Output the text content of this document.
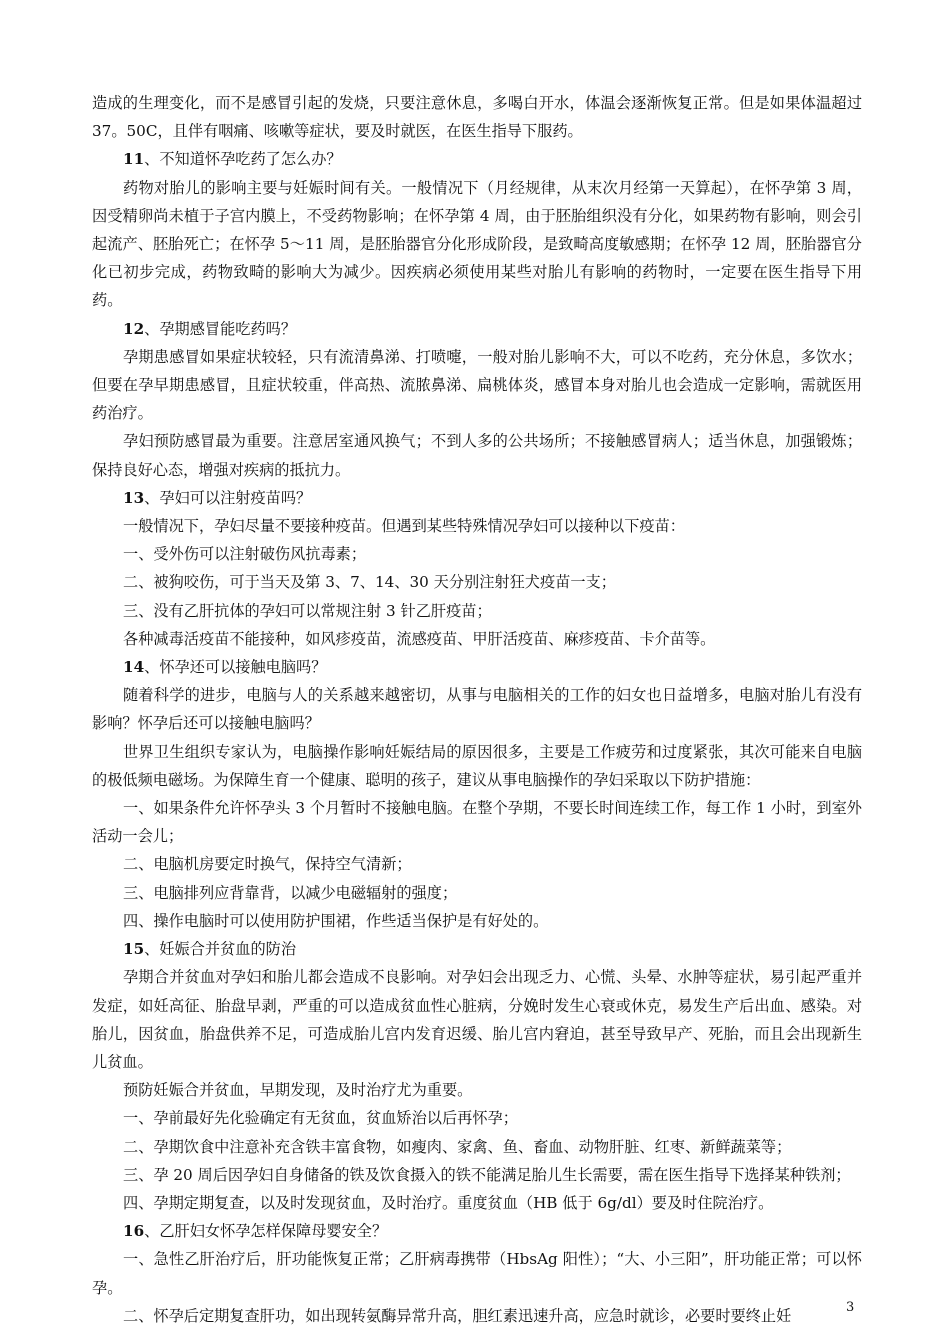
造成的生理变化，而不是感冒引起的发烧，只要注意休息，多喝白开水，体温会逐渐恢复正常。但是如果体温超过 37。50C，且伴有咽痛、咳嗽等症状，要及时就医，在医生指导下服药。

11、不知道怀孕吃药了怎么办？

药物对胎儿的影响主要与妊娠时间有关。一般情况下（月经规律，从末次月经第一天算起），在怀孕第 3 周，因受精卵尚未植于子宫内膜上，不受药物影响；在怀孕第 4 周，由于胚胎组织没有分化，如果药物有影响，则会引起流产、胚胎死亡；在怀孕 5～11 周，是胚胎器官分化形成阶段，是致畸高度敏感期；在怀孕 12 周，胚胎器官分化已初步完成，药物致畸的影响大为减少。因疾病必须使用某些对胎儿有影响的药物时，一定要在医生指导下用药。

12、孕期感冒能吃药吗？

孕期患感冒如果症状较轻，只有流清鼻涕、打喷嚏，一般对胎儿影响不大，可以不吃药，充分休息，多饮水；但要在孕早期患感冒，且症状较重，伴高热、流脓鼻涕、扁桃体炎，感冒本身对胎儿也会造成一定影响，需就医用药治疗。

孕妇预防感冒最为重要。注意居室通风换气；不到人多的公共场所；不接触感冒病人；适当休息，加强锻炼；保持良好心态，增强对疾病的抵抗力。

13、孕妇可以注射疫苗吗？

一般情况下，孕妇尽量不要接种疫苗。但遇到某些特殊情况孕妇可以接种以下疫苗：

一、受外伤可以注射破伤风抗毒素；

二、被狗咬伤，可于当天及第 3、7、14、30 天分别注射狂犬疫苗一支；

三、没有乙肝抗体的孕妇可以常规注射 3 针乙肝疫苗；

各种减毒活疫苗不能接种，如风疹疫苗，流感疫苗、甲肝活疫苗、麻疹疫苗、卡介苗等。

14、怀孕还可以接触电脑吗？

随着科学的进步，电脑与人的关系越来越密切，从事与电脑相关的工作的妇女也日益增多，电脑对胎儿有没有影响？怀孕后还可以接触电脑吗？

世界卫生组织专家认为，电脑操作影响妊娠结局的原因很多，主要是工作疲劳和过度紧张，其次可能来自电脑的极低频电磁场。为保障生育一个健康、聪明的孩子，建议从事电脑操作的孕妇采取以下防护措施：

一、如果条件允许怀孕头 3 个月暂时不接触电脑。在整个孕期，不要长时间连续工作，每工作 1 小时，到室外活动一会儿；

二、电脑机房要定时换气，保持空气清新；

三、电脑排列应背靠背，以减少电磁辐射的强度；

四、操作电脑时可以使用防护围裙，作些适当保护是有好处的。

15、妊娠合并贫血的防治

孕期合并贫血对孕妇和胎儿都会造成不良影响。对孕妇会出现乏力、心慌、头晕、水肿等症状，易引起严重并发症，如妊高征、胎盘早剥，严重的可以造成贫血性心脏病，分娩时发生心衰或休克，易发生产后出血、感染。对胎儿，因贫血，胎盘供养不足，可造成胎儿宫内发育迟缓、胎儿宫内窘迫，甚至导致早产、死胎，而且会出现新生儿贫血。

预防妊娠合并贫血，早期发现，及时治疗尤为重要。

一、孕前最好先化验确定有无贫血，贫血矫治以后再怀孕；

二、孕期饮食中注意补充含铁丰富食物，如瘦肉、家禽、鱼、畜血、动物肝脏、红枣、新鲜蔬菜等；

三、孕 20 周后因孕妇自身储备的铁及饮食摄入的铁不能满足胎儿生长需要，需在医生指导下选择某种铁剂；

四、孕期定期复查，以及时发现贫血，及时治疗。重度贫血（HB 低于 6g/dl）要及时住院治疗。

16、乙肝妇女怀孕怎样保障母婴安全？

一、急性乙肝治疗后，肝功能恢复正常；乙肝病毒携带（HbsAg 阳性）；“大、小三阳”，肝功能正常；可以怀孕。

二、怀孕后定期复查肝功，如出现转氨酶异常升高，胆红素迅速升高，应急时就诊，必要时要终止妊	3
